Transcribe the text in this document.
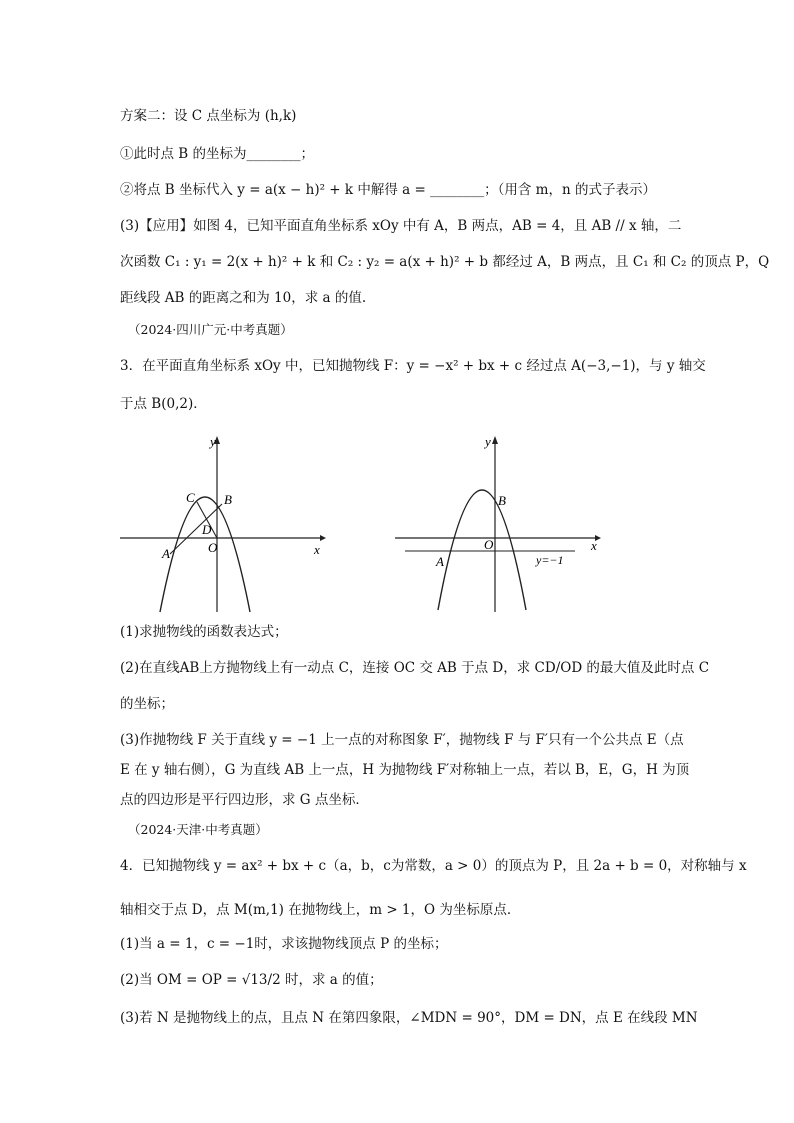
方案二：设 C 点坐标为 (h,k)
①此时点 B 的坐标为________；
②将点 B 坐标代入 y = a(x − h)² + k 中解得 a = ________；（用含 m，n 的式子表示）
(3)【应用】如图 4，已知平面直角坐标系 xOy 中有 A，B 两点，AB = 4，且 AB // x 轴，二
次函数 C₁ : y₁ = 2(x + h)² + k 和 C₂ : y₂ = a(x + h)² + b 都经过 A，B 两点，且 C₁ 和 C₂ 的顶点 P，Q
距线段 AB 的距离之和为 10，求 a 的值.
（2024·四川广元·中考真题）
3．在平面直角坐标系 xOy 中，已知抛物线 F：y = −x² + bx + c 经过点 A(−3,−1)，与 y 轴交
于点 B(0,2)．
y
x
O
A
B
C
D
y
x
O
A
B
y=−1
(1)求抛物线的函数表达式；
(2)在直线AB上方抛物线上有一动点 C，连接 OC 交 AB 于点 D，求 CD/OD 的最大值及此时点 C
的坐标；
(3)作抛物线 F 关于直线 y = −1 上一点的对称图象 F′，抛物线 F 与 F′只有一个公共点 E（点
E 在 y 轴右侧），G 为直线 AB 上一点，H 为抛物线 F′对称轴上一点，若以 B，E，G，H 为顶
点的四边形是平行四边形，求 G 点坐标．
（2024·天津·中考真题）
4．已知抛物线 y = ax² + bx + c（a，b，c为常数，a > 0）的顶点为 P，且 2a + b = 0，对称轴与 x
轴相交于点 D，点 M(m,1) 在抛物线上，m > 1，O 为坐标原点．
(1)当 a = 1，c = −1时，求该抛物线顶点 P 的坐标；
(2)当 OM = OP = √13/2 时，求 a 的值；
(3)若 N 是抛物线上的点，且点 N 在第四象限，∠MDN = 90°，DM = DN，点 E 在线段 MN
